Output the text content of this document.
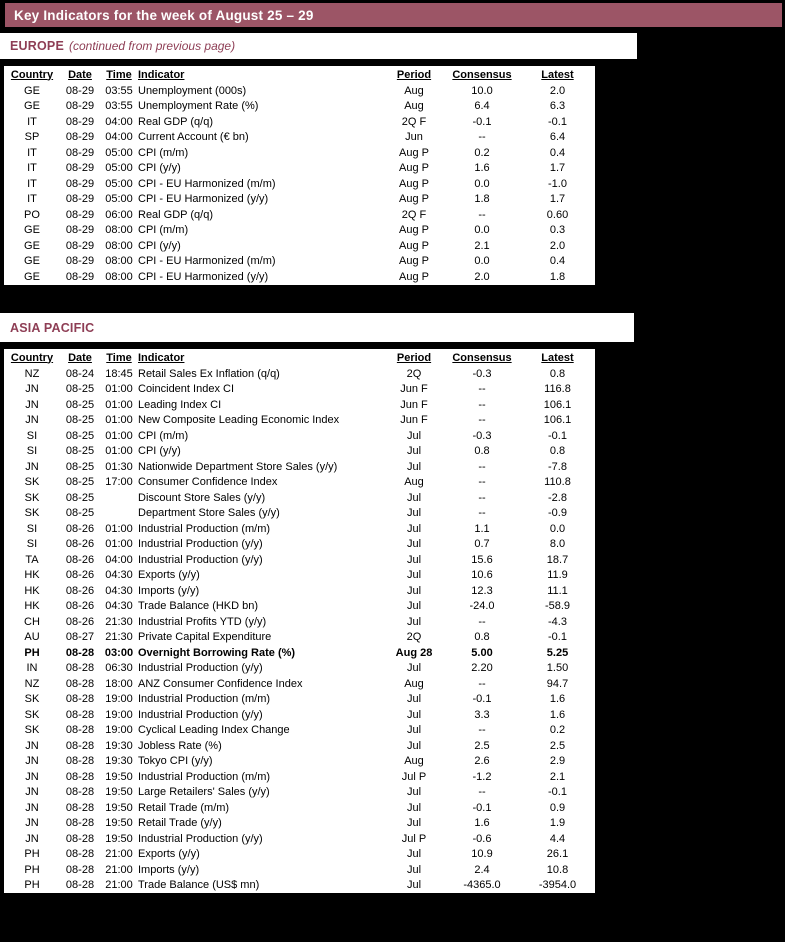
Key Indicators for the week of August 25 – 29
EUROPE (continued from previous page)
Country	Date	Time	Indicator	Period	Consensus	Latest
GE	08-29	03:55	Unemployment (000s)	Aug	10.0	2.0
GE	08-29	03:55	Unemployment Rate (%)	Aug	6.4	6.3
IT	08-29	04:00	Real GDP (q/q)	2Q F	-0.1	-0.1
SP	08-29	04:00	Current Account (€ bn)	Jun	--	6.4
IT	08-29	05:00	CPI (m/m)	Aug P	0.2	0.4
IT	08-29	05:00	CPI (y/y)	Aug P	1.6	1.7
IT	08-29	05:00	CPI - EU Harmonized (m/m)	Aug P	0.0	-1.0
IT	08-29	05:00	CPI - EU Harmonized (y/y)	Aug P	1.8	1.7
PO	08-29	06:00	Real GDP (q/q)	2Q F	--	0.60
GE	08-29	08:00	CPI (m/m)	Aug P	0.0	0.3
GE	08-29	08:00	CPI (y/y)	Aug P	2.1	2.0
GE	08-29	08:00	CPI - EU Harmonized (m/m)	Aug P	0.0	0.4
GE	08-29	08:00	CPI - EU Harmonized (y/y)	Aug P	2.0	1.8
ASIA PACIFIC
Country	Date	Time	Indicator	Period	Consensus	Latest
NZ	08-24	18:45	Retail Sales Ex Inflation (q/q)	2Q	-0.3	0.8
JN	08-25	01:00	Coincident Index CI	Jun F	--	116.8
JN	08-25	01:00	Leading Index CI	Jun F	--	106.1
JN	08-25	01:00	New Composite Leading Economic Index	Jun F	--	106.1
SI	08-25	01:00	CPI (m/m)	Jul	-0.3	-0.1
SI	08-25	01:00	CPI (y/y)	Jul	0.8	0.8
JN	08-25	01:30	Nationwide Department Store Sales (y/y)	Jul	--	-7.8
SK	08-25	17:00	Consumer Confidence Index	Aug	--	110.8
SK	08-25		Discount Store Sales (y/y)	Jul	--	-2.8
SK	08-25		Department Store Sales (y/y)	Jul	--	-0.9
SI	08-26	01:00	Industrial Production (m/m)	Jul	1.1	0.0
SI	08-26	01:00	Industrial Production (y/y)	Jul	0.7	8.0
TA	08-26	04:00	Industrial Production (y/y)	Jul	15.6	18.7
HK	08-26	04:30	Exports (y/y)	Jul	10.6	11.9
HK	08-26	04:30	Imports (y/y)	Jul	12.3	11.1
HK	08-26	04:30	Trade Balance (HKD bn)	Jul	-24.0	-58.9
CH	08-26	21:30	Industrial Profits YTD (y/y)	Jul	--	-4.3
AU	08-27	21:30	Private Capital Expenditure	2Q	0.8	-0.1
PH	08-28	03:00	Overnight Borrowing Rate (%)	Aug 28	5.00	5.25
IN	08-28	06:30	Industrial Production (y/y)	Jul	2.20	1.50
NZ	08-28	18:00	ANZ Consumer Confidence Index	Aug	--	94.7
SK	08-28	19:00	Industrial Production (m/m)	Jul	-0.1	1.6
SK	08-28	19:00	Industrial Production (y/y)	Jul	3.3	1.6
SK	08-28	19:00	Cyclical Leading Index Change	Jul	--	0.2
JN	08-28	19:30	Jobless Rate (%)	Jul	2.5	2.5
JN	08-28	19:30	Tokyo CPI (y/y)	Aug	2.6	2.9
JN	08-28	19:50	Industrial Production (m/m)	Jul P	-1.2	2.1
JN	08-28	19:50	Large Retailers' Sales (y/y)	Jul	--	-0.1
JN	08-28	19:50	Retail Trade (m/m)	Jul	-0.1	0.9
JN	08-28	19:50	Retail Trade (y/y)	Jul	1.6	1.9
JN	08-28	19:50	Industrial Production (y/y)	Jul P	-0.6	4.4
PH	08-28	21:00	Exports (y/y)	Jul	10.9	26.1
PH	08-28	21:00	Imports (y/y)	Jul	2.4	10.8
PH	08-28	21:00	Trade Balance (US$ mn)	Jul	-4365.0	-3954.0
